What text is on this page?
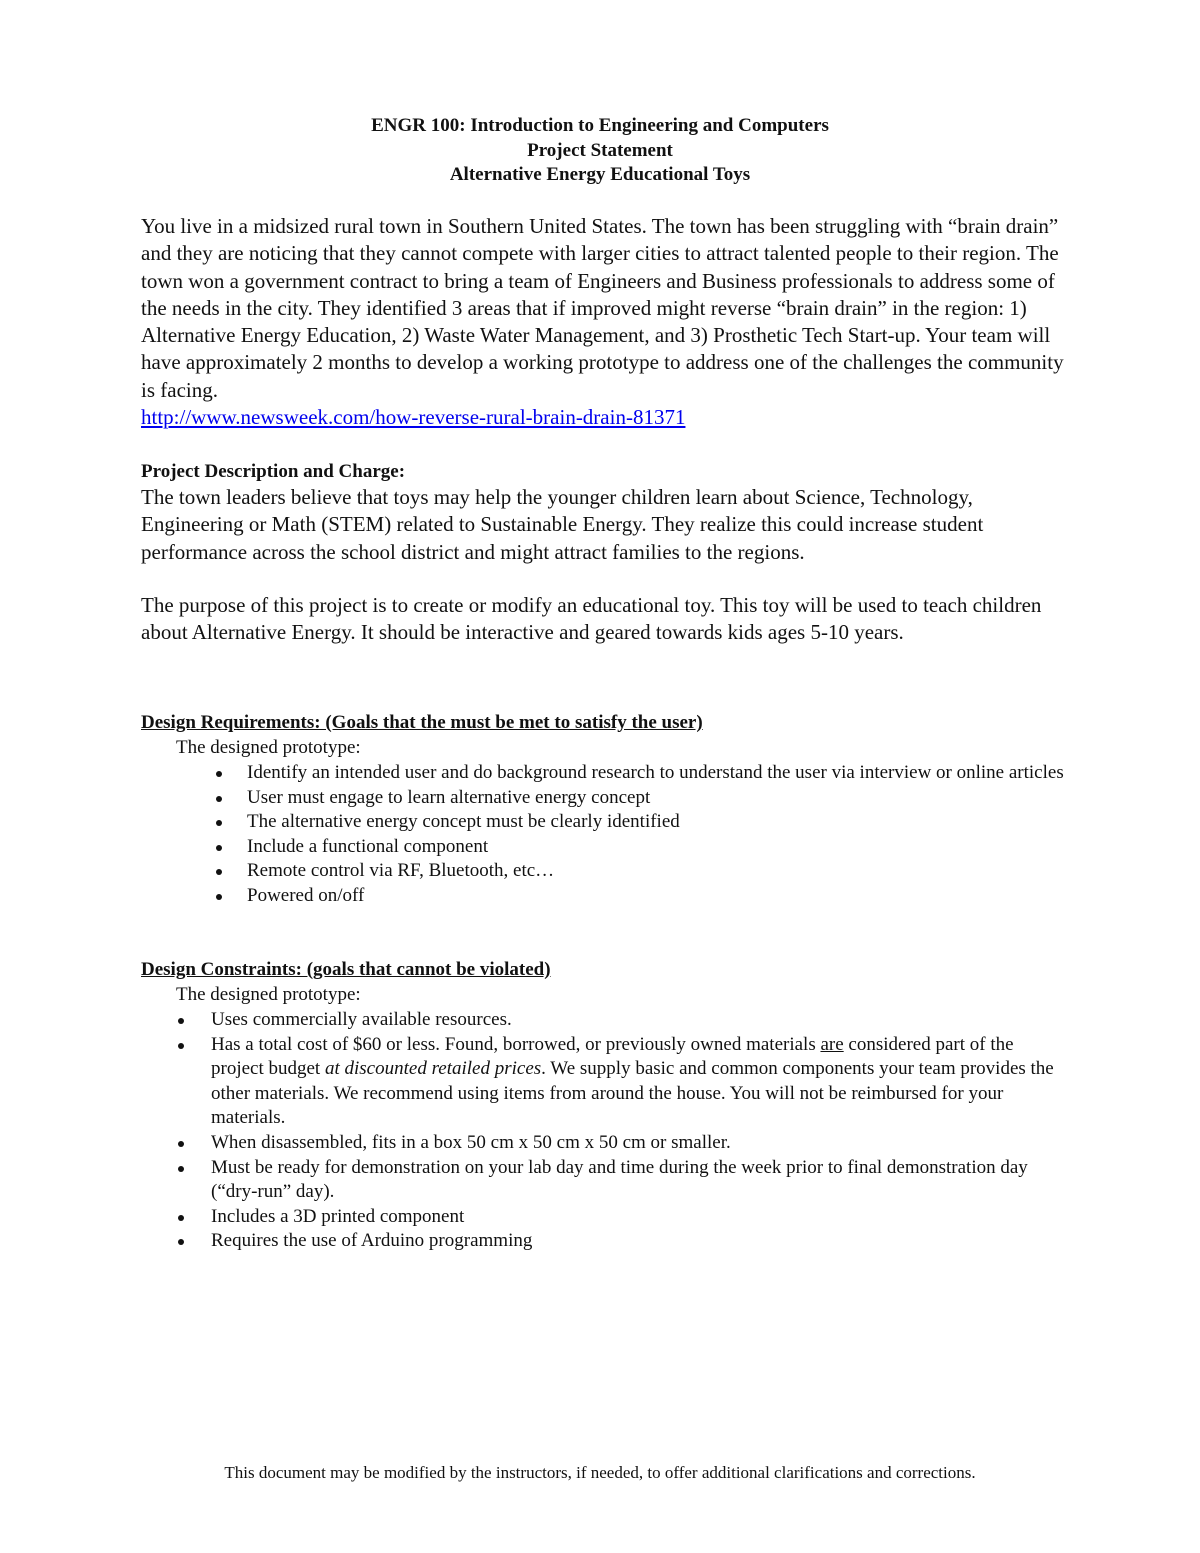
ENGR 100: Introduction to Engineering and Computers
Project Statement
Alternative Energy Educational Toys

You live in a midsized rural town in Southern United States. The town has been struggling with “brain drain” and they are noticing that they cannot compete with larger cities to attract talented people to their region. The town won a government contract to bring a team of Engineers and Business professionals to address some of the needs in the city. They identified 3 areas that if improved might reverse “brain drain” in the region: 1) Alternative Energy Education, 2) Waste Water Management, and 3) Prosthetic Tech Start-up. Your team will have approximately 2 months to develop a working prototype to address one of the challenges the community is facing.
http://www.newsweek.com/how-reverse-rural-brain-drain-81371

Project Description and Charge:

The town leaders believe that toys may help the younger children learn about Science, Technology, Engineering or Math (STEM) related to Sustainable Energy. They realize this could increase student performance across the school district and might attract families to the regions.

The purpose of this project is to create or modify an educational toy. This toy will be used to teach children about Alternative Energy. It should be interactive and geared towards kids ages 5-10 years.

Design Requirements: (Goals that the must be met to satisfy the user)

The designed prototype:

Identify an intended user and do background research to understand the user via interview or online articles
User must engage to learn alternative energy concept
The alternative energy concept must be clearly identified
Include a functional component
Remote control via RF, Bluetooth, etc…
Powered on/off

Design Constraints: (goals that cannot be violated)

The designed prototype:

Uses commercially available resources.
Has a total cost of $60 or less. Found, borrowed, or previously owned materials are considered part of the project budget at discounted retailed prices. We supply basic and common components your team provides the other materials. We recommend using items from around the house. You will not be reimbursed for your materials.
When disassembled, fits in a box 50 cm x 50 cm x 50 cm or smaller.
Must be ready for demonstration on your lab day and time during the week prior to final demonstration day (“dry-run” day).
Includes a 3D printed component
Requires the use of Arduino programming

This document may be modified by the instructors, if needed, to offer additional clarifications and corrections.
